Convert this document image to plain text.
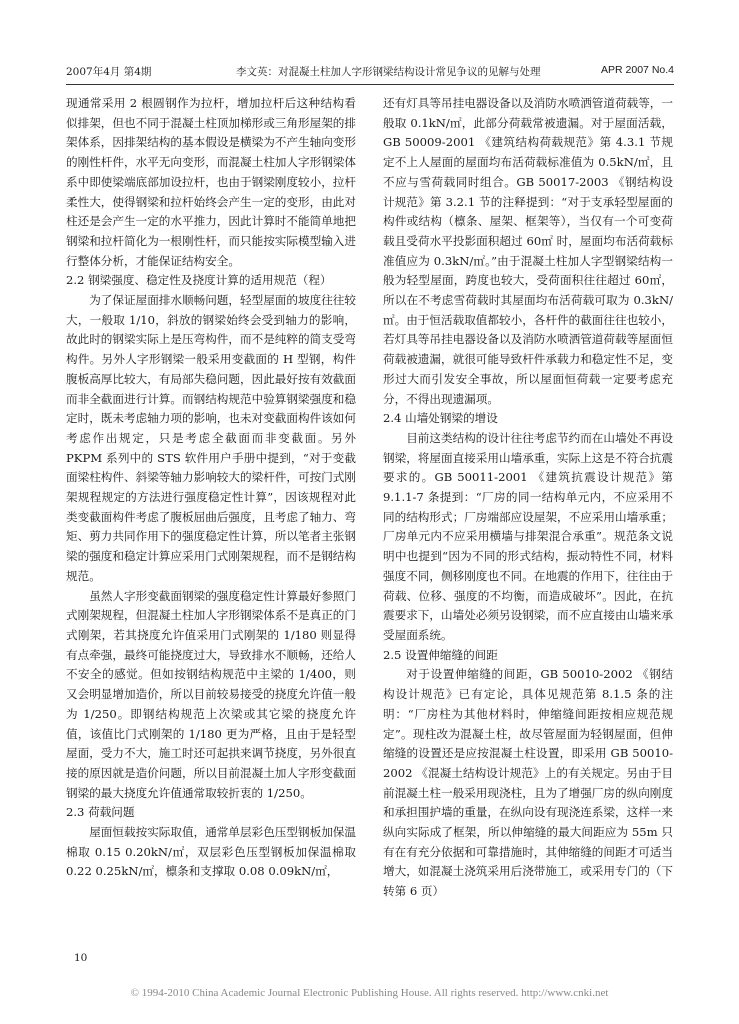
2007年4月 第4期	李文英：对混凝土柱加人字形钢梁结构设计常见争议的见解与处理	APR 2007 No.4

现通常采用 2 根圆钢作为拉杆，增加拉杆后这种结构看似排架，但也不同于混凝土柱顶加梯形或三角形屋架的排架体系，因排架结构的基本假设是横梁为不产生轴向变形的刚性杆件，水平无向变形，而混凝土柱加人字形钢梁体系中即使梁端底部加设拉杆，也由于钢梁刚度较小，拉杆柔性大，使得钢梁和拉杆始终会产生一定的变形，由此对柱还是会产生一定的水平推力，因此计算时不能简单地把钢梁和拉杆简化为一根刚性杆，而只能按实际模型输入进行整体分析，才能保证结构安全。

2.2 钢梁强度、稳定性及挠度计算的适用规范（程）

为了保证屋面排水顺畅问题，轻型屋面的坡度往往较大，一般取 1/10，斜放的钢梁始终会受到轴力的影响，故此时的钢梁实际上是压弯构件，而不是纯粹的简支受弯构件。另外人字形钢梁一般采用变截面的 H 型钢，构件腹板高厚比较大，有局部失稳问题，因此最好按有效截面而非全截面进行计算。而钢结构规范中验算钢梁强度和稳定时，既未考虑轴力项的影响，也未对变截面构件该如何考虑作出规定，只是考虑全截面而非变截面。另外 PKPM 系列中的 STS 软件用户手册中提到，“对于变截面梁柱构件、斜梁等轴力影响较大的梁杆件，可按门式刚架规程规定的方法进行强度稳定性计算”，因该规程对此类变截面构件考虑了腹板屈曲后强度，且考虑了轴力、弯矩、剪力共同作用下的强度稳定性计算，所以笔者主张钢梁的强度和稳定计算应采用门式刚架规程，而不是钢结构规范。

虽然人字形变截面钢梁的强度稳定性计算最好参照门式刚架规程，但混凝土柱加人字形钢梁体系不是真正的门式刚架，若其挠度允许值采用门式刚架的 1/180 则显得有点牵强，最终可能挠度过大，导致排水不顺畅，还给人不安全的感觉。但如按钢结构规范中主梁的 1/400，则又会明显增加造价，所以目前较易接受的挠度允许值一般为 1/250。即钢结构规范上次梁或其它梁的挠度允许值，该值比门式刚架的 1/180 更为严格，且由于是轻型屋面，受力不大，施工时还可起拱来调节挠度，另外很直接的原因就是造价问题，所以目前混凝土加人字形变截面钢梁的最大挠度允许值通常取较折衷的 1/250。

2.3 荷载问题

屋面恒载按实际取值，通常单层彩色压型钢板加保温棉取 0.15 0.20kN/㎡，双层彩色压型钢板加保温棉取 0.22 0.25kN/㎡，檩条和支撑取 0.08 0.09kN/㎡，

还有灯具等吊挂电器设备以及消防水喷洒管道荷载等，一般取 0.1kN/㎡，此部分荷载常被遗漏。对于屋面活载，GB 50009-2001 《建筑结构荷载规范》第 4.3.1 节规定不上人屋面的屋面均布活荷载标准值为 0.5kN/㎡，且不应与雪荷载同时组合。GB 50017-2003 《钢结构设计规范》第 3.2.1 节的注释提到：“对于支承轻型屋面的构件或结构（檩条、屋架、框架等），当仅有一个可变荷载且受荷水平投影面积超过 60㎡ 时，屋面均布活荷载标准值应为 0.3kN/㎡。”由于混凝土柱加人字型钢梁结构一般为轻型屋面，跨度也较大，受荷面积往往超过 60㎡，所以在不考虑雪荷载时其屋面均布活荷载可取为 0.3kN/㎡。由于恒活载取值都较小，各杆件的截面往往也较小，若灯具等吊挂电器设备以及消防水喷洒管道荷载等屋面恒荷载被遗漏，就很可能导致杆件承载力和稳定性不足，变形过大而引发安全事故，所以屋面恒荷载一定要考虑充分，不得出现遗漏项。

2.4 山墙处钢梁的增设

目前这类结构的设计往往考虑节约而在山墙处不再设钢梁，将屋面直接采用山墙承重，实际上这是不符合抗震要求的。GB 50011-2001 《建筑抗震设计规范》第 9.1.1-7 条提到：“厂房的同一结构单元内，不应采用不同的结构形式；厂房端部应设屋架，不应采用山墙承重；厂房单元内不应采用横墙与排架混合承重”。规范条文说明中也提到“因为不同的形式结构，振动特性不同，材料强度不同，侧移刚度也不同。在地震的作用下，往往由于荷载、位移、强度的不均衡，而造成破坏”。因此，在抗震要求下，山墙处必须另设钢梁，而不应直接由山墙来承受屋面系统。

2.5 设置伸缩缝的间距

对于设置伸缩缝的间距，GB 50010-2002 《钢结构设计规范》已有定论，具体见规范第 8.1.5 条的注明：“厂房柱为其他材料时，伸缩缝间距按相应规范规定”。现柱改为混凝土柱，故尽管屋面为轻钢屋面，但伸缩缝的设置还是应按混凝土柱设置，即采用 GB 50010-2002 《混凝土结构设计规范》上的有关规定。另由于目前混凝土柱一般采用现浇柱，且为了增强厂房的纵向刚度和承担围护墙的重量，在纵向设有现浇连系梁，这样一来纵向实际成了框架，所以伸缩缝的最大间距应为 55m 只有在有充分依据和可靠措施时，其伸缩缝的间距才可适当增大，如混凝土浇筑采用后浇带施工，或采用专门的（下转第 6 页）

10
© 1994-2010 China Academic Journal Electronic Publishing House. All rights reserved. http://www.cnki.net
